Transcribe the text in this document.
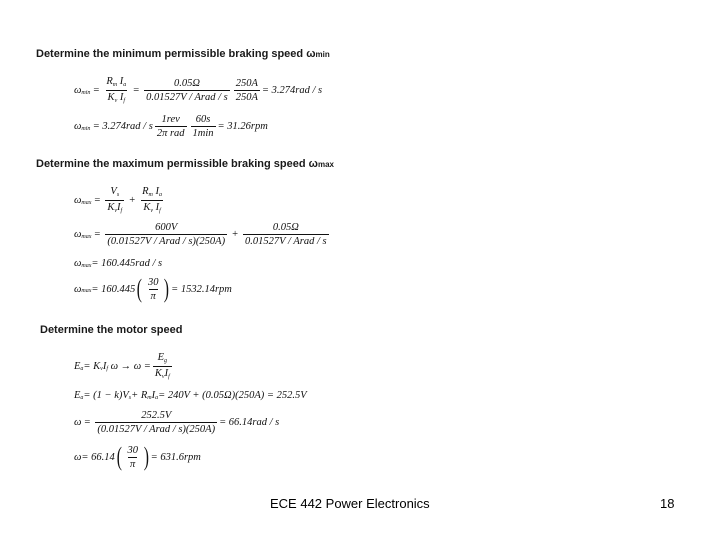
Determine the minimum permissible braking speed ωmin
ω $\min = \frac{\text{Rm Ia}}{\text{Kv If}} = \frac{0.05\Omega}{\text{0.01527V / Arad / s}} \frac{250A}{250A} = 3.274rad / s$
ω min = 3.274rad / s $\frac{\text{1rev}}{\text{2π rad}} \frac{60s}{1\min} = 31.26rpm$
Determine the maximum permissible braking speed ωmax
ω $\max = \frac{Vs}{\text{KvIf}} + \frac{\text{Rm Ia}}{\text{Kv If}}$
ω $\max = \frac{600V}{\text{(0.01527V / Arad / s)(250A)}} + \frac{0.05\Omega}{\text{0.01527V / Arad / s}}$
ω max = 160.445rad / s
ω max = 160.445 ( $\frac{30}{\pi}$ ) = 1532.14rpm
Determine the motor speed
E a = K v I f
$\omega \to \omega = \frac{Eg}{\text{KvIf}}$
E a = (1 − k)V s + R m I a = 240V + (0.05Ω)(250A) = 252.5V
$\omega = \frac{252.5V}{\text{(0.01527V / Arad / s)(250A)}} = 66.14rad / s$
ω = 66.14 ( $\frac{30}{\pi}$ ) = 631.6rpm
ECE 442 Power Electronics	18
